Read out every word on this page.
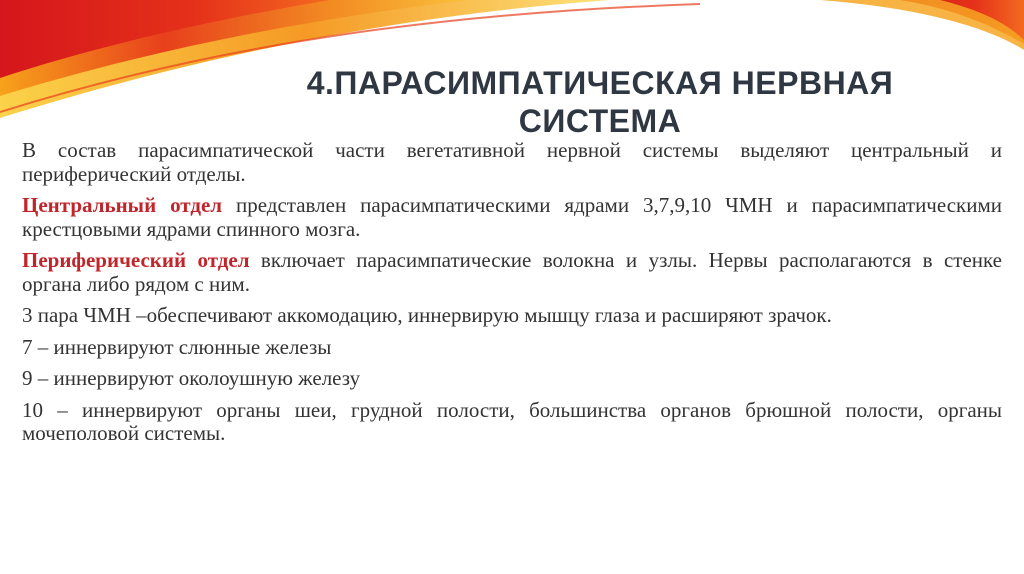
4.ПАРАСИМПАТИЧЕСКАЯ НЕРВНАЯ
СИСТЕМА

В состав парасимпатической части вегетативной нервной системы выделяют центральный и периферический отделы.

Центральный отдел представлен парасимпатическими ядрами 3,7,9,10 ЧМН и парасимпатическими крестцовыми ядрами спинного мозга.

Периферический отдел включает парасимпатические волокна и узлы. Нервы располагаются в стенке органа либо рядом с ним.

3 пара ЧМН –обеспечивают аккомодацию, иннервирую мышцу глаза и расширяют зрачок.

7 – иннервируют слюнные железы

9 – иннервируют околоушную железу

10 – иннервируют органы шеи, грудной полости, большинства органов брюшной полости, органы мочеполовой системы.
